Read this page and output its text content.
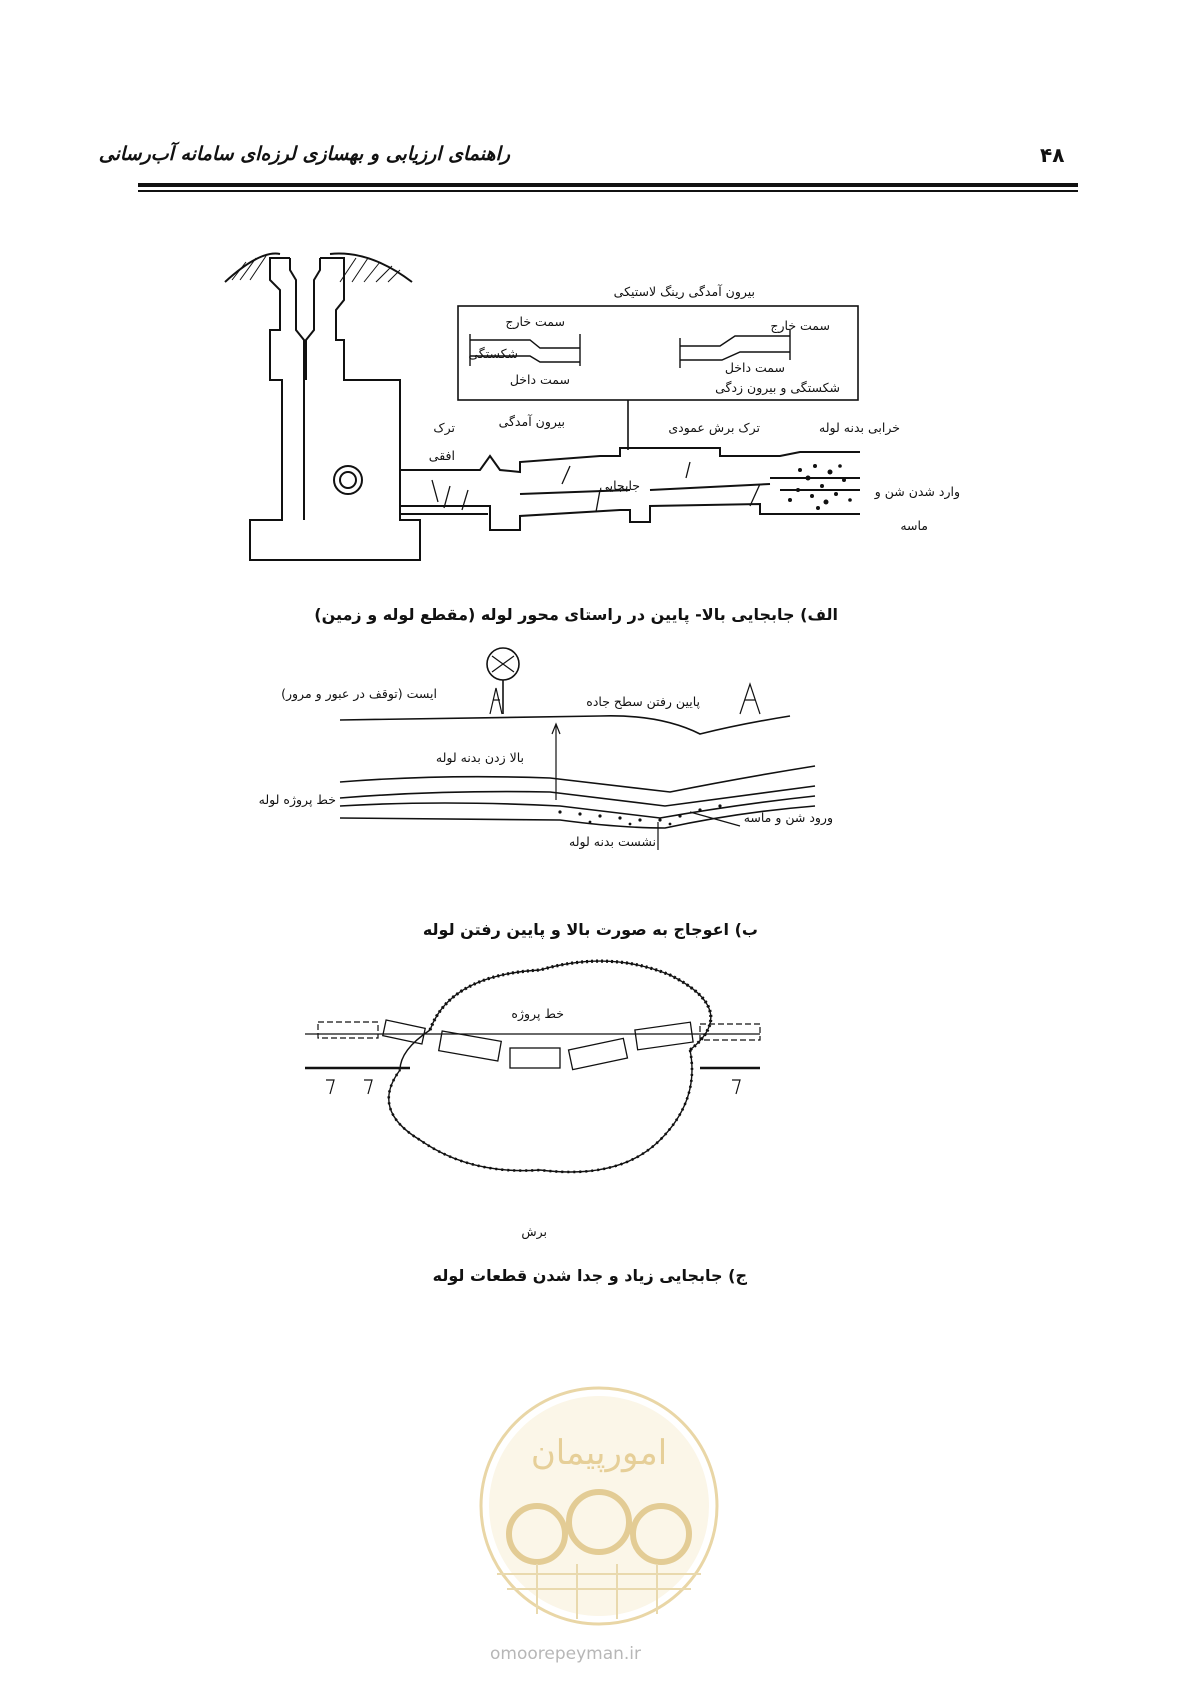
راهنمای ارزیابی و بهسازی لرزه‌ای سامانه آب‌رسانی	۴۸
بیرون آمدگی رینگ لاستیکی
سمت خارج	سمت خارج
شکستگی
سمت داخل
سمت داخل
شکستگی و بیرون زدگی
ترک
افقی
بیرون آمدگی	ترک برش عمودی	خرابی بدنه لوله
جابجایی	وارد شدن شن و
ماسه
ایست (توقف در عبور و مرور)
پایین رفتن سطح جاده
بالا زدن بدنه لوله
خط پروژه لوله
ورود شن و ماسه
نشست بدنه لوله
خط پروژه
برش
الف) جابجایی بالا- پایین در راستای محور لوله (مقطع لوله و زمین)
ب) اعوجاج به صورت بالا و پایین رفتن لوله
ج) جابجایی زیاد و جدا شدن قطعات لوله
امورپیمان
omoorepeyman.ir
